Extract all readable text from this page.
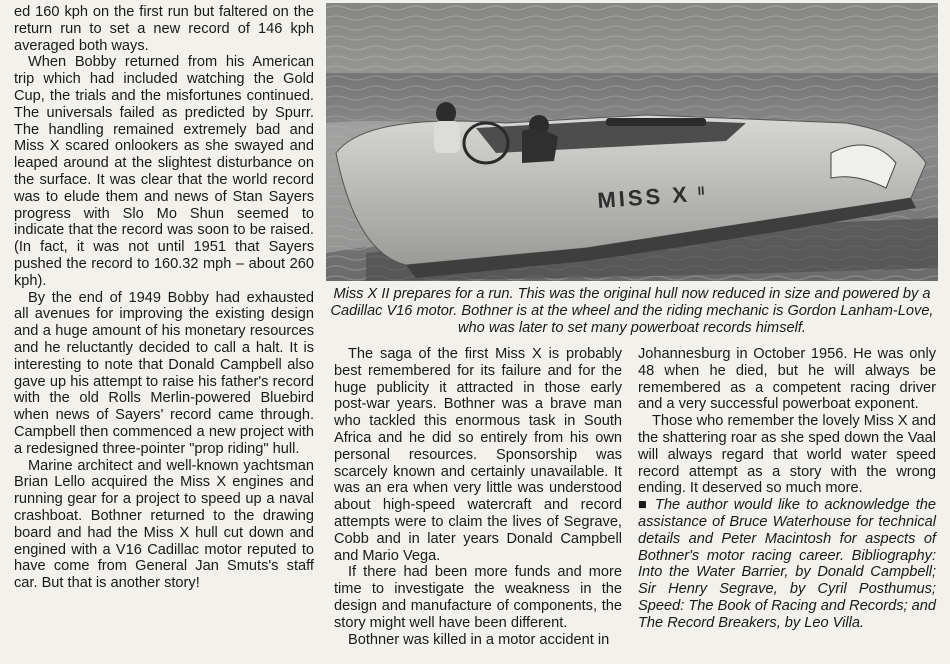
ed 160 kph on the first run but faltered on the return run to set a new record of 146 kph averaged both ways.

When Bobby returned from his American trip which had included watching the Gold Cup, the trials and the misfortunes continued. The universals failed as predicted by Spurr. The handling remained extremely bad and Miss X scared onlookers as she swayed and leaped around at the slightest disturbance on the surface. It was clear that the world record was to elude them and news of Stan Sayers progress with Slo Mo Shun seemed to indicate that the record was soon to be raised. (In fact, it was not until 1951 that Sayers pushed the record to 160.32 mph – about 260 kph).

By the end of 1949 Bobby had exhausted all avenues for improving the existing design and a huge amount of his monetary resources and he reluctantly decided to call a halt. It is interesting to note that Donald Campbell also gave up his attempt to raise his father's record with the old Rolls Merlin-powered Bluebird when news of Sayers' record came through. Campbell then commenced a new project with a redesigned three-pointer "prop riding" hull.

Marine architect and well-known yachtsman Brian Lello acquired the Miss X engines and running gear for a project to speed up a naval crashboat. Bothner returned to the drawing board and had the Miss X hull cut down and engined with a V16 Cadillac motor reputed to have come from General Jan Smuts's staff car. But that is another story!

MISS X II
Miss X II prepares for a run. This was the original hull now reduced in size and powered by a Cadillac V16 motor. Bothner is at the wheel and the riding mechanic is Gordon Lanham-Love, who was later to set many powerboat records himself.

The saga of the first Miss X is probably best remembered for its failure and for the huge publicity it attracted in those early post-war years. Bothner was a brave man who tackled this enormous task in South Africa and he did so entirely from his own personal resources. Sponsorship was scarcely known and certainly unavailable. It was an era when very little was understood about high-speed watercraft and record attempts were to claim the lives of Segrave, Cobb and in later years Donald Campbell and Mario Vega.

If there had been more funds and more time to investigate the weakness in the design and manufacture of components, the story might well have been different.

Bothner was killed in a motor accident in

Johannesburg in October 1956. He was only 48 when he died, but he will always be remembered as a competent racing driver and a very successful powerboat exponent.

Those who remember the lovely Miss X and the shattering roar as she sped down the Vaal will always regard that world water speed record attempt as a story with the wrong ending. It deserved so much more.

■ The author would like to acknowledge the assistance of Bruce Waterhouse for technical details and Peter Macintosh for aspects of Bothner's motor racing career. Bibliography: Into the Water Barrier, by Donald Campbell; Sir Henry Segrave, by Cyril Posthumus; Speed: The Book of Racing and Records; and The Record Breakers, by Leo Villa.
